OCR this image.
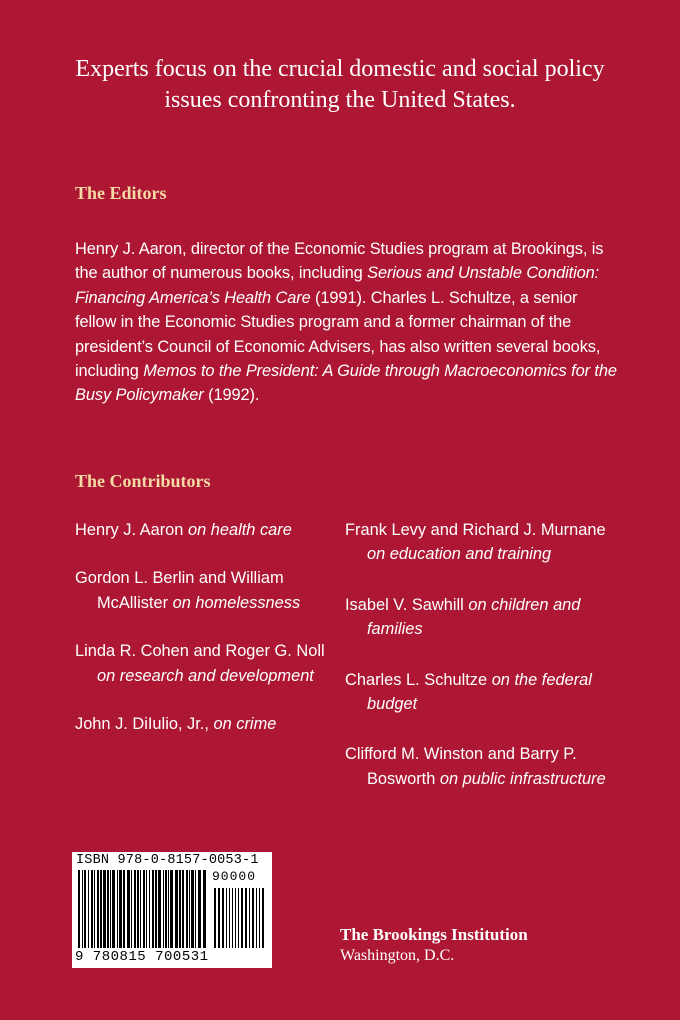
Experts focus on the crucial domestic and social policy issues confronting the United States.
The Editors
Henry J. Aaron, director of the Economic Studies program at Brookings, is the author of numerous books, including Serious and Unstable Condition: Financing America’s Health Care (1991). Charles L. Schultze, a senior fellow in the Economic Studies program and a former chairman of the president’s Council of Economic Advisers, has also written several books, including Memos to the President: A Guide through Macroeconomics for the Busy Policymaker (1992).
The Contributors
Henry J. Aaron on health care
Gordon L. Berlin and William McAllister on homelessness
Linda R. Cohen and Roger G. Noll on research and development
John J. DiIulio, Jr., on crime
Frank Levy and Richard J. Murnane on education and training
Isabel V. Sawhill on children and families
Charles L. Schultze on the federal budget
Clifford M. Winston and Barry P. Bosworth on public infrastructure
ISBN 978-0-8157-0053-1
90000
9 780815 700531
The Brookings Institution
Washington, D.C.
